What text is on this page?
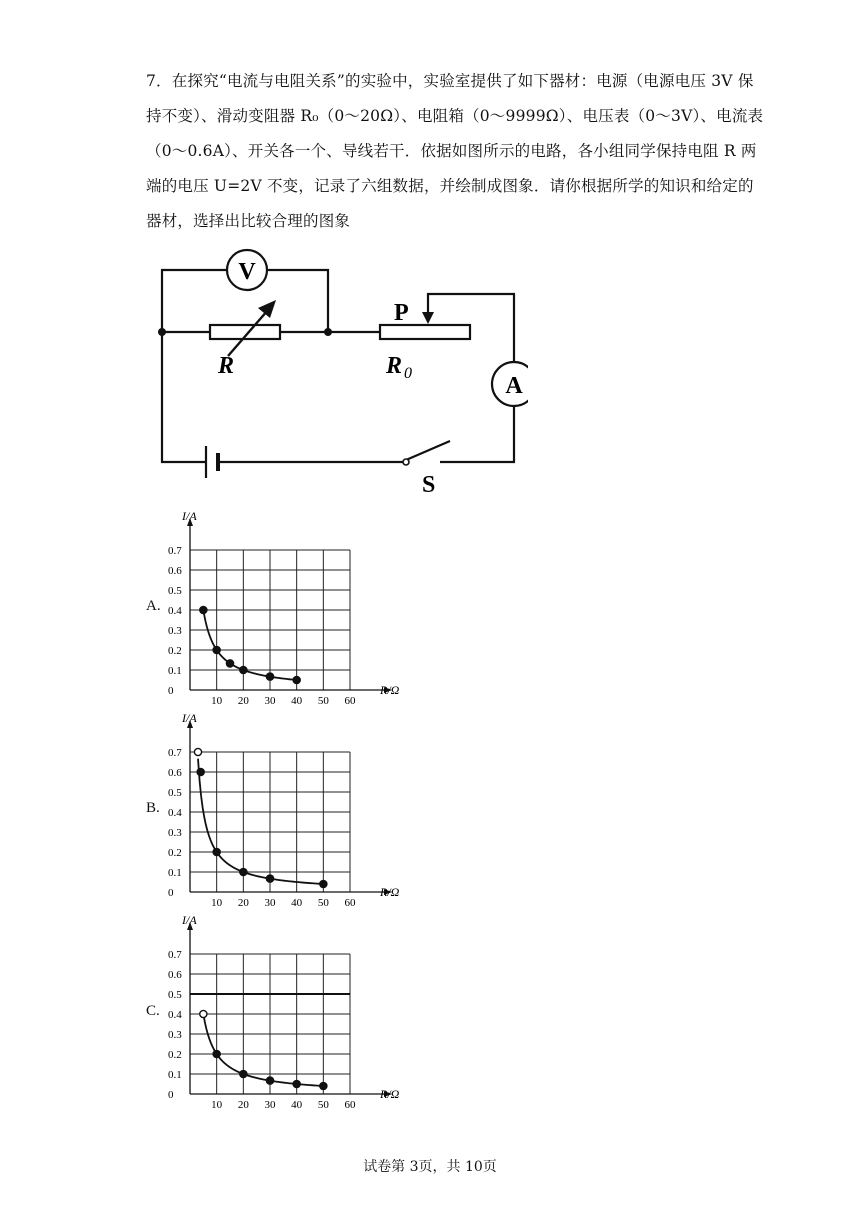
7．在探究“电流与电阻关系”的实验中，实验室提供了如下器材：电源（电源电压 3V 保
持不变）、滑动变阻器 R₀（0～20Ω）、电阻箱（0～9999Ω）、电压表（0～3V）、电流表
（0～0.6A）、开关各一个、导线若干．依据如图所示的电路，各小组同学保持电阻 R 两
端的电压 U=2V 不变，记录了六组数据，并绘制成图象．请你根据所学的知识和给定的
器材，选择出比较合理的图象
V
R
P
R 0	A
S
A.
0
0.1
0.2
0.3
0.4
0.5
0.6
0.7
10 20 30 40 50 60
I/A
R/Ω
B.
0
0.1
0.2
0.3
0.4
0.5
0.6
0.7
10 20 30 40 50 60
I/A
R/Ω
C.
0
0.1
0.2
0.3
0.4
0.5
0.6
0.7
10 20 30 40 50 60
I/A
R/Ω
试卷第 3页，共 10页
